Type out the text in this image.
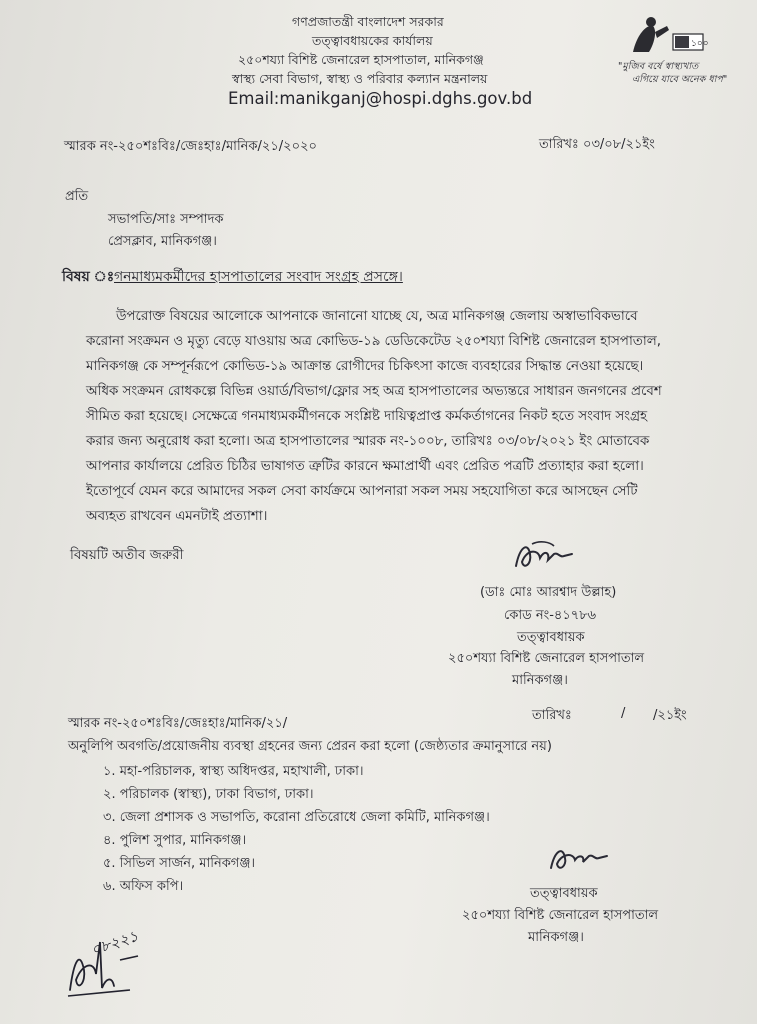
গণপ্রজাতন্ত্রী বাংলাদেশ সরকার
তত্ত্বাবধায়কের কার্যালয়
২৫০শয্যা বিশিষ্ট জেনারেল হাসপাতাল, মানিকগঞ্জ
স্বাস্থ্য সেবা বিভাগ, স্বাস্থ্য ও পরিবার কল্যান মন্ত্রনালয়
Email:manikganj@hospi.dghs.gov.bd
১০০
"মুজিব বর্ষে স্বাস্থ্যখাত
এগিয়ে যাবে অনেক ধাপ"
স্মারক নং-২৫০শঃবিঃ/জেঃহাঃ/মানিক/২১/২০২০	তারিখঃ ০৩/০৮/২১ইং
প্রতি
সভাপতি/সাঃ সম্পাদক
প্রেসক্লাব, মানিকগঞ্জ।
বিষয় ঃ গনমাধ্যমকর্মীদের হাসপাতালের সংবাদ সংগ্রহ প্রসঙ্গে।
উপরোক্ত বিষয়ের আলোকে আপনাকে জানানো যাচ্ছে যে, অত্র মানিকগঞ্জ জেলায় অস্বাভাবিকভাবে
করোনা সংক্রমন ও মৃত্যু বেড়ে যাওয়ায় অত্র কোভিড-১৯ ডেডিকেটেড ২৫০শয্যা বিশিষ্ট জেনারেল হাসপাতাল,
মানিকগঞ্জ কে সম্পূর্নরূপে কোভিড-১৯ আক্রান্ত রোগীদের চিকিৎসা কাজে ব্যবহারের সিদ্ধান্ত নেওয়া হয়েছে।
অধিক সংক্রমন রোধকল্পে বিভিন্ন ওয়ার্ড/বিভাগ/ফ্লোর সহ অত্র হাসপাতালের অভ্যন্তরে সাধারন জনগনের প্রবেশ
সীমিত করা হয়েছে। সেক্ষেত্রে গনমাধ্যমকর্মীগনকে সংশ্লিষ্ট দায়িত্বপ্রাপ্ত কর্মকর্তাগনের নিকট হতে সংবাদ সংগ্রহ
করার জন্য অনুরোধ করা হলো। অত্র হাসপাতালের স্মারক নং-১০০৮, তারিখঃ ০৩/০৮/২০২১ ইং মোতাবেক
আপনার কার্যালয়ে প্রেরিত চিঠির ভাষাগত ত্রুটির কারনে ক্ষমাপ্রার্থী এবং প্রেরিত পত্রটি প্রত্যাহার করা হলো।
ইতোপূর্বে যেমন করে আমাদের সকল সেবা কার্যক্রমে আপনারা সকল সময় সহযোগিতা করে আসছেন সেটি
অব্যহত রাখবেন এমনটাই প্রত্যাশা।
বিষয়টি অতীব জরুরী
(ডাঃ মোঃ আরশ্বাদ উল্লাহ)
কোড নং-৪১৭৮৬
তত্ত্বাবধায়ক
২৫০শয্যা বিশিষ্ট জেনারেল হাসপাতাল
মানিকগঞ্জ।
স্মারক নং-২৫০শঃবিঃ/জেঃহাঃ/মানিক/২১/
তারিখঃ	/ /২১ইং
অনুলিপি অবগতি/প্রয়োজনীয় ব্যবস্থা গ্রহনের জন্য প্রেরন করা হলো (জেষ্ঠ্যতার ক্রমানুসারে নয়)
১. মহা-পরিচালক, স্বাস্থ্য অধিদপ্তর, মহাখালী, ঢাকা।
২. পরিচালক (স্বাস্থ্য), ঢাকা বিভাগ, ঢাকা।
৩. জেলা প্রশাসক ও সভাপতি, করোনা প্রতিরোধে জেলা কমিটি, মানিকগঞ্জ।
৪. পুলিশ সুপার, মানিকগঞ্জ।
৫. সিভিল সার্জন, মানিকগঞ্জ।
৬. অফিস কপি।	তত্ত্বাবধায়ক
২৫০শয্যা বিশিষ্ট জেনারেল হাসপাতাল
মানিকগঞ্জ।
০৮২২১
